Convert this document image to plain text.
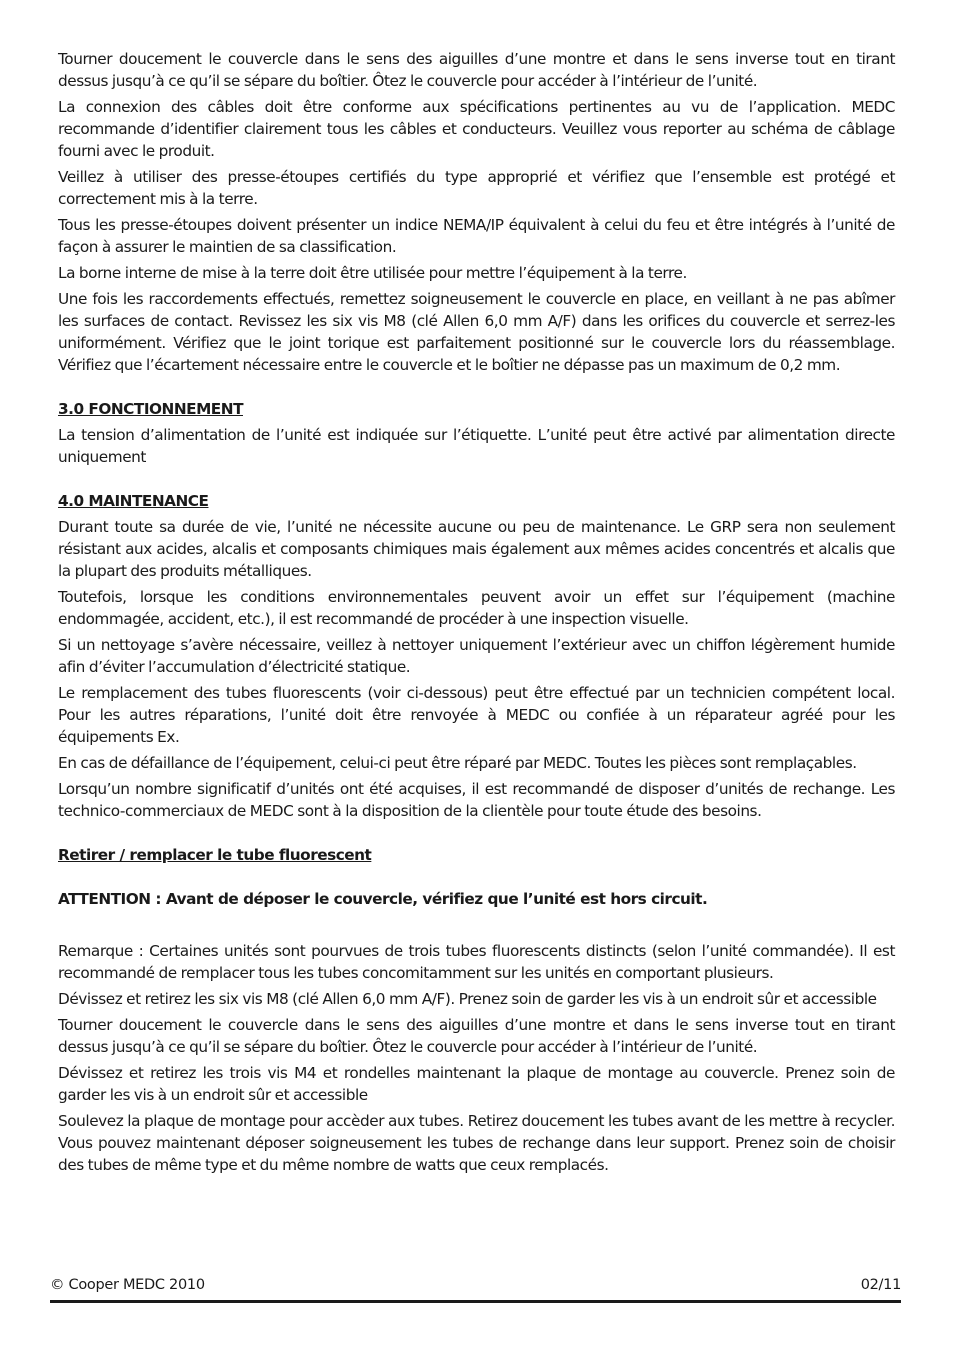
Tourner doucement le couvercle dans le sens des aiguilles d’une montre et dans le sens inverse tout en tirant dessus jusqu’à ce qu’il se sépare du boîtier. Ôtez le couvercle pour accéder à l’intérieur de l’unité.

La connexion des câbles doit être conforme aux spécifications pertinentes au vu de l’application. MEDC recommande d’identifier clairement tous les câbles et conducteurs. Veuillez vous reporter au schéma de câblage fourni avec le produit.

Veillez à utiliser des presse-étoupes certifiés du type approprié et vérifiez que l’ensemble est protégé et correctement mis à la terre.

Tous les presse-étoupes doivent présenter un indice NEMA/IP équivalent à celui du feu et être intégrés à l’unité de façon à assurer le maintien de sa classification.

La borne interne de mise à la terre doit être utilisée pour mettre l’équipement à la terre.

Une fois les raccordements effectués, remettez soigneusement le couvercle en place, en veillant à ne pas abîmer les surfaces de contact. Revissez les six vis M8 (clé Allen 6,0 mm A/F) dans les orifices du couvercle et serrez-les uniformément. Vérifiez que le joint torique est parfaitement positionné sur le couvercle lors du réassemblage. Vérifiez que l’écartement nécessaire entre le couvercle et le boîtier ne dépasse pas un maximum de 0,2 mm.

3.0 FONCTIONNEMENT

La tension d’alimentation de l’unité est indiquée sur l’étiquette. L’unité peut être activé par alimentation directe uniquement

4.0 MAINTENANCE

Durant toute sa durée de vie, l’unité ne nécessite aucune ou peu de maintenance. Le GRP sera non seulement résistant aux acides, alcalis et composants chimiques mais également aux mêmes acides concentrés et alcalis que la plupart des produits métalliques.

Toutefois, lorsque les conditions environnementales peuvent avoir un effet sur l’équipement (machine endommagée, accident, etc.), il est recommandé de procéder à une inspection visuelle.

Si un nettoyage s’avère nécessaire, veillez à nettoyer uniquement l’extérieur avec un chiffon légèrement humide afin d’éviter l’accumulation d’électricité statique.

Le remplacement des tubes fluorescents (voir ci-dessous) peut être effectué par un technicien compétent local. Pour les autres réparations, l’unité doit être renvoyée à MEDC ou confiée à un réparateur agréé pour les équipements Ex.

En cas de défaillance de l’équipement, celui-ci peut être réparé par MEDC. Toutes les pièces sont remplaçables.

Lorsqu’un nombre significatif d’unités ont été acquises, il est recommandé de disposer d’unités de rechange. Les technico-commerciaux de MEDC sont à la disposition de la clientèle pour toute étude des besoins.

Retirer / remplacer le tube fluorescent
ATTENTION : Avant de déposer le couvercle, vérifiez que l’unité est hors circuit.

Remarque : Certaines unités sont pourvues de trois tubes fluorescents distincts (selon l’unité commandée). Il est recommandé de remplacer tous les tubes concomitamment sur les unités en comportant plusieurs.

Dévissez et retirez les six vis M8 (clé Allen 6,0 mm A/F). Prenez soin de garder les vis à un endroit sûr et accessible

Tourner doucement le couvercle dans le sens des aiguilles d’une montre et dans le sens inverse tout en tirant dessus jusqu’à ce qu’il se sépare du boîtier. Ôtez le couvercle pour accéder à l’intérieur de l’unité.

Dévissez et retirez les trois vis M4 et rondelles maintenant la plaque de montage au couvercle. Prenez soin de garder les vis à un endroit sûr et accessible

Soulevez la plaque de montage pour accèder aux tubes. Retirez doucement les tubes avant de les mettre à recycler. Vous pouvez maintenant déposer soigneusement les tubes de rechange dans leur support. Prenez soin de choisir des tubes de même type et du même nombre de watts que ceux remplacés.

© Cooper MEDC 2010	02/11
